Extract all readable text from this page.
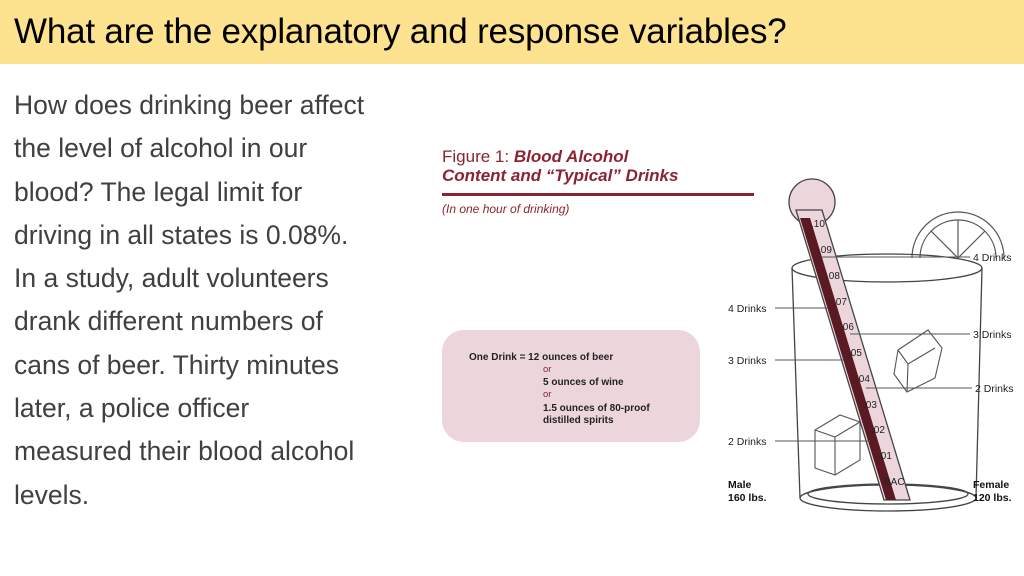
What are the explanatory and response variables?
How does drinking beer affect
the level of alcohol in our
blood? The legal limit for
driving in all states is 0.08%.
In a study, adult volunteers
drank different numbers of
cans of beer. Thirty minutes
later, a police officer
measured their blood alcohol
levels.
Figure 1: Blood Alcohol
Content and “Typical” Drinks
(In one hour of drinking)
One Drink = 12 ounces of beer
or
5 ounces of wine
or
1.5 ounces of 80-proof
distilled spirits
.10
.09
.08
.07
.06
.05
.04
.03
.02
.01
BAC
4 Drinks
3 Drinks
2 Drinks
Male
160 lbs.
4 Drinks
3 Drinks
2 Drinks
Female
120 lbs.
